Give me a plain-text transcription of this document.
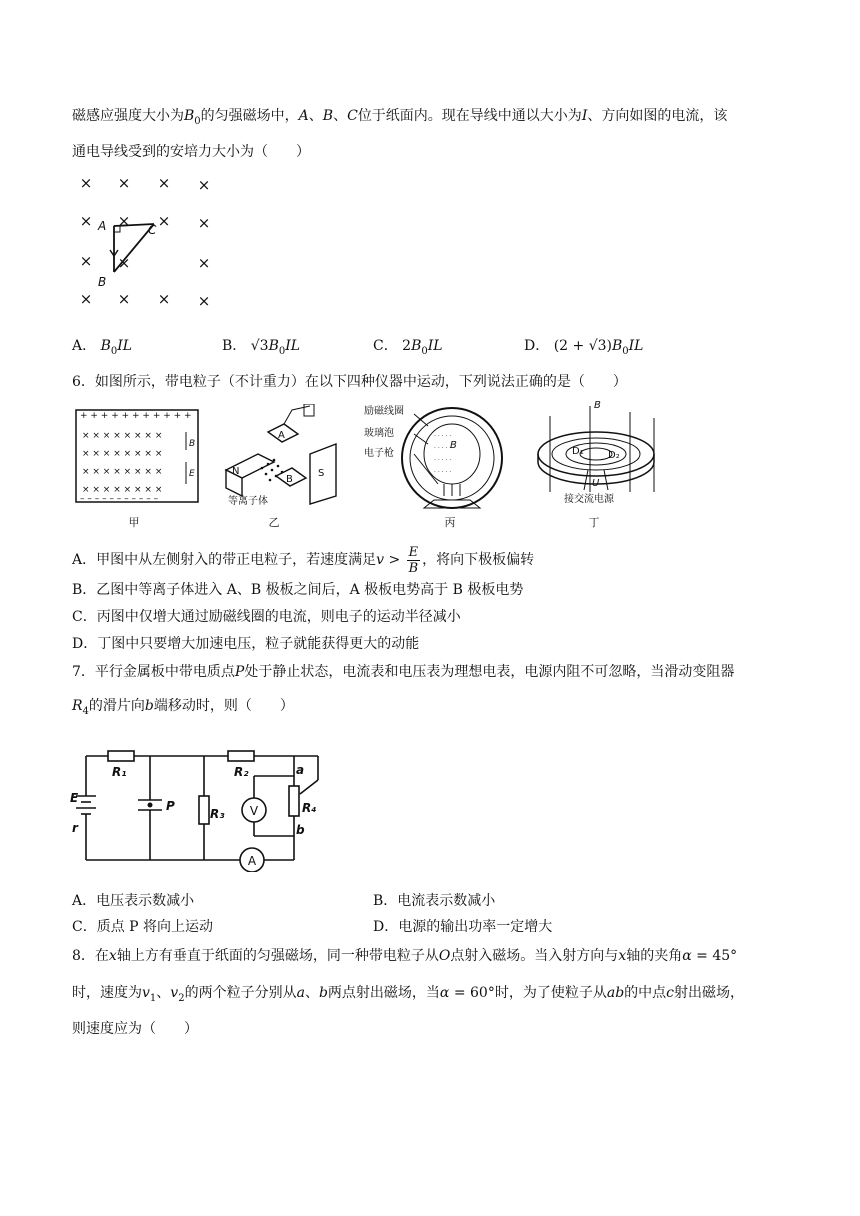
磁感应强度大小为$B_0$的匀强磁场中，A、B、C位于纸面内。现在导线中通以大小为I、方向如图的电流，该
通电导线受到的安培力大小为（　　）
× × × ×
× × × ×
× ×	×
× × × ×
A
B
C
A． $B_0IL$	B． $√3B_0IL$	C． $2B_0IL$	D． $(2 + √3)B_0IL$
6．如图所示，带电粒子（不计重力）在以下四种仪器中运动，下列说法正确的是（　　）
+ + + + + + + + + + +
– – – – – – – – – – –
× × × × × × × ×
× × × × × × × ×
× × × × × × × ×
× × × × × × × ×
B
E
甲
N	S
A
B
等离子体
乙
· · · · ·
· · · · ·
· · · · ·
· · · · ·
励磁线圈
玻璃泡
电子枪
B
丙
B
D₁ D₂
U
接交流电源
丁
A．甲图中从左侧射入的带正电粒子，若速度满足$v > \frac{E}{B}$ ，将向下极板偏转
B．乙图中等离子体进入 A、B 极板之间后，A 极板电势高于 B 极板电势
C．丙图中仅增大通过励磁线圈的电流，则电子的运动半径减小
D．丁图中只要增大加速电压，粒子就能获得更大的动能
7．平行金属板中带电质点P处于静止状态，电流表和电压表为理想电表，电源内阻不可忽略，当滑动变阻器
$R_4$的滑片向b端移动时，则（　　）
R₁	R₂
R₃	R₄
E
r
P
a
b
V
A
A．电压表示数减小	B．电流表示数减小
C．质点 P 将向上运动	D．电源的输出功率一定增大
8．在x轴上方有垂直于纸面的匀强磁场，同一种带电粒子从O点射入磁场。当入射方向与x轴的夹角α = 45°
时，速度为$v_1$、$v_2$的两个粒子分别从a、b两点射出磁场，当α = 60°时，为了使粒子从ab的中点c射出磁场，
则速度应为（　　）
